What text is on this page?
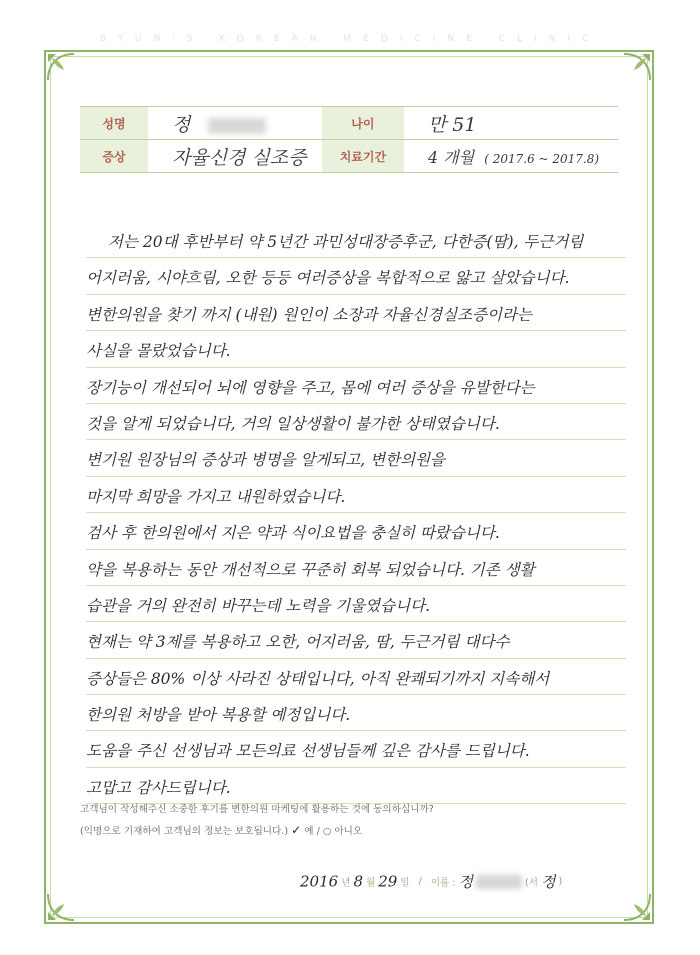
BYUN'S KOREAN MEDICINE CLINIC
성명	정	나이	만 51
증상	자율신경 실조증	치료기간	4 개월 ( 2017.6 ~ 2017.8)
저는 20대 후반부터 약 5년간 과민성대장증후군, 다한증(땀), 두근거림
어지러움, 시야흐림, 오한 등등 여러증상을 복합적으로 앓고 살았습니다.
변한의원을 찾기 까지 (내원) 원인이 소장과 자율신경실조증이라는
사실을 몰랐었습니다.
장기능이 개선되어 뇌에 영향을 주고, 몸에 여러 증상을 유발한다는
것을 알게 되었습니다, 거의 일상생활이 불가한 상태였습니다.
변기원 원장님의 증상과 병명을 알게되고, 변한의원을
마지막 희망을 가지고 내원하였습니다.
검사 후 한의원에서 지은 약과 식이요법을 충실히 따랐습니다.
약을 복용하는 동안 개선적으로 꾸준히 회복 되었습니다. 기존 생활
습관을 거의 완전히 바꾸는데 노력을 기울였습니다.
현재는 약 3제를 복용하고 오한, 어지러움, 땀, 두근거림 대다수
증상들은 80% 이상 사라진 상태입니다, 아직 완쾌되기까지 지속해서
한의원 처방을 받아 복용할 예정입니다.
도움을 주신 선생님과 모든의료 선생님들께 깊은 감사를 드립니다.
고맙고 감사드립니다.
고객님이 작성해주신 소중한 후기를 변한의원 마케팅에 활용하는 것에 동의하십니까?
(익명으로 기재하여 고객님의 정보는 보호됩니다.) ✓ 예 / ○ 아니오
2016 년 8 월 29 일 / 이름 : 정	(서 정 )
